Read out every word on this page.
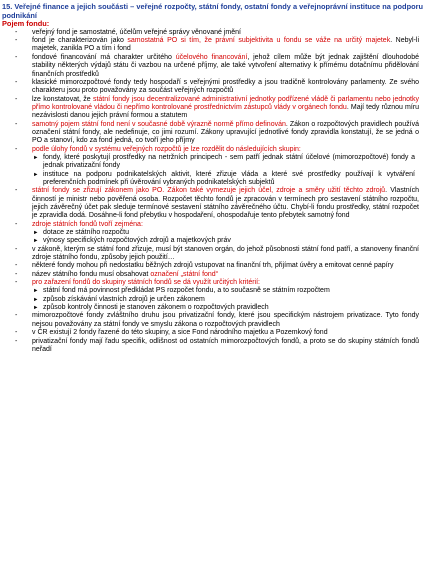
15. Veřejné finance a jejich součásti – veřejné rozpočty, státní fondy, ostatní fondy a veřejnoprávní instituce na podporu podnikání
Pojem fondu:
- veřejný fond je samostatné, účelům veřejné správy věnované jmění
- fond je charakterizován jako samostatná PO si tím, že právní subjektivita u fondu se váže na určitý majetek. Nebyl-li majetek, zanikla PO a tím i fond
- fondové financování má charakter určitého účelového financování, jehož cílem může být jednak zajištění dlouhodobé stability některých výdajů státu či vazbou na určené příjmy, ale také vytvoření alternativy k přímému dotačnímu přidělování finančních prostředků
- klasické mimorozpočtové fondy tedy hospodaří s veřejnými prostředky a jsou tradičně kontrolovány parlamenty. Ze svého charakteru jsou proto považovány za součást veřejných rozpočtů
- lze konstatovat, že státní fondy jsou decentralizované administrativní jednotky podřízené vládě či parlamentu nebo jednotky přímo kontrolované vládou či nepřímo kontrolované prostřednictvím zástupců vlády v orgánech fondu. Mají tedy různou míru nezávislosti danou jejich právní formou a statutem
- samotný pojem státní fond není v současné době výrazně normě přímo definován. Zákon o rozpočtových pravidlech používá označení státní fondy, ale nedefinuje, co jimi rozumí. Zákony upravující jednotlivé fondy zpravidla konstatují, že se jedná o PO a stanoví, kdo za fond jedná, co tvoří jeho příjmy
- podle úlohy fondů v systému veřejných rozpočtů je lze rozdělit do následujících skupin:
► fondy, které poskytují prostředky na netržních principech - sem patří jednak státní účelové (mimorozpočtové) fondy a jednak privatizační fondy
► instituce na podporu podnikatelských aktivit, které zřizuje vláda a které své prostředky používají k vytváření preferenčních podmínek při úvěrování vybraných podnikatelských subjektů
- státní fondy se zřizují zákonem jako PO. Zákon také vymezuje jejich účel, zdroje a směry užití těchto zdrojů. Vlastních činností je ministr nebo pověřená osoba. Rozpočet těchto fondů je zpracován v termínech pro sestavení státního rozpočtu, jejich závěrečný účet pak sleduje termínové sestavení státního závěrečného účtu. Chybí-li fondu prostředky, státní rozpočet je zpravidla dodá. Dosáhne-li fond přebytku v hospodaření, ohospodařuje tento přebytek samotný fond
- zdroje státních fondů tvoří zejména:
► dotace ze státního rozpočtu
► výnosy specifických rozpočtových zdrojů a majetkových práv
- v zákoně, kterým se státní fond zřizuje, musí být stanoven orgán, do jehož působnosti státní fond patří, a stanoveny finanční zdroje státního fondu, způsoby jejich použití…
- některé fondy mohou při nedostatku běžných zdrojů vstupovat na finanční trh, přijímat úvěry a emitovat cenné papíry
- název státního fondu musí obsahovat označení „státní fond“
- pro zařazení fondů do skupiny státních fondů se dá využít určitých kritérií:
► státní fond má povinnost předkládat PS rozpočet fondu, a to současně se státním rozpočtem
► způsob získávání vlastních zdrojů je určen zákonem
► způsob kontroly činnosti je stanoven zákonem o rozpočtových pravidlech
- mimorozpočtové fondy zvláštního druhu jsou privatizační fondy, které jsou specifickým nástrojem privatizace. Tyto fondy nejsou považovány za státní fondy ve smyslu zákona o rozpočtových pravidlech
- v ČR existují 2 fondy řazené do této skupiny, a sice Fond národního majetku a Pozemkový fond
- privatizační fondy mají řadu specifik, odlišnost od ostatních mimorozpočtových fondů, a proto se do skupiny státních fondů neřadí
